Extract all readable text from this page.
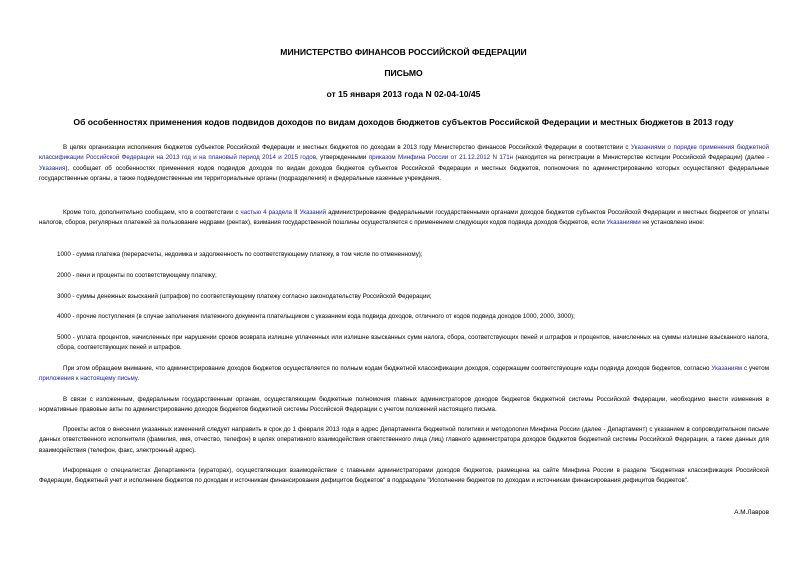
МИНИСТЕРСТВО ФИНАНСОВ РОССИЙСКОЙ ФЕДЕРАЦИИ
ПИСЬМО
от 15 января 2013 года N 02-04-10/45
Об особенностях применения кодов подвидов доходов по видам доходов бюджетов субъектов Российской Федерации и местных бюджетов в 2013 году
В целях организации исполнения бюджетов субъектов Российской Федерации и местных бюджетов по доходам в 2013 году Министерство финансов Российской Федерации в соответствии с Указаниями о порядке применения бюджетной классификации Российской Федерации на 2013 год и на плановый период 2014 и 2015 годов, утвержденными приказом Минфина России от 21.12.2012 N 171н (находится на регистрации в Министерстве юстиции Российской Федерации) (далее - Указания), сообщает об особенностях применения кодов подвидов доходов по видам доходов бюджетов субъектов Российской Федерации и местных бюджетов, полномочия по администрированию которых осуществляют федеральные государственные органы, а также подведомственные им территориальные органы (подразделения) и федеральные казенные учреждения.
Кроме того, дополнительно сообщаем, что в соответствии с частью 4 раздела II Указаний администрирование федеральными государственными органами доходов бюджетов субъектов Российской Федерации и местных бюджетов от уплаты налогов, сборов, регулярных платежей за пользование недрами (рентах), взимания государственной пошлины осуществляется с применением следующих кодов подвида доходов бюджетов, если Указаниями не установлено иное:
1000 - сумма платежа (перерасчеты, недоимка и задолженность по соответствующему платежу, в том числе по отмененному);
2000 - пени и проценты по соответствующему платежу;
3000 - суммы денежных взысканий (штрафов) по соответствующему платежу согласно законодательству Российской Федерации;
4000 - прочие поступления (в случае заполнения платежного документа плательщиком с указанием кода подвида доходов, отличного от кодов подвида доходов 1000, 2000, 3000);
5000 - уплата процентов, начисленных при нарушении сроков возврата излишне уплаченных или излишне взысканных сумм налога, сбора, соответствующих пеней и штрафов и процентов, начисленных на суммы излишне взысканного налога, сбора, соответствующих пеней и штрафов.
При этом обращаем внимание, что администрирование доходов бюджетов осуществляется по полным кодам бюджетной классификации доходов, содержащим соответствующие коды подвида доходов бюджетов, согласно Указаниям с учетом приложения к настоящему письму.
В связи с изложенным, федеральным государственным органам, осуществляющим бюджетные полномочия главных администраторов доходов бюджетов бюджетной системы Российской Федерации, необходимо внести изменения в нормативные правовые акты по администрированию доходов бюджетов бюджетной системы Российской Федерации с учетом положений настоящего письма.
Проекты актов о внесении указанных изменений следует направить в срок до 1 февраля 2013 года в адрес Департамента бюджетной политики и методологии Минфина России (далее - Департамент) с указанием в сопроводительном письме данных ответственного исполнителя (фамилия, имя, отчество, телефон) в целях оперативного взаимодействия ответственного лица (лиц) главного администратора доходов бюджетов бюджетной системы Российской Федерации, а также данных для взаимодействия (телефон, факс, электронный адрес).
Информация о специалистах Департамента (кураторах), осуществляющих взаимодействие с главными администраторами доходов бюджетов, размещена на сайте Минфина России в разделе "Бюджетная классификация Российской Федерации, бюджетный учет и исполнение бюджетов по доходам и источникам финансирования дефицитов бюджетов" в подразделе "Исполнение бюджетов по доходам и источникам финансирования дефицитов бюджетов".
А.М.Лавров
